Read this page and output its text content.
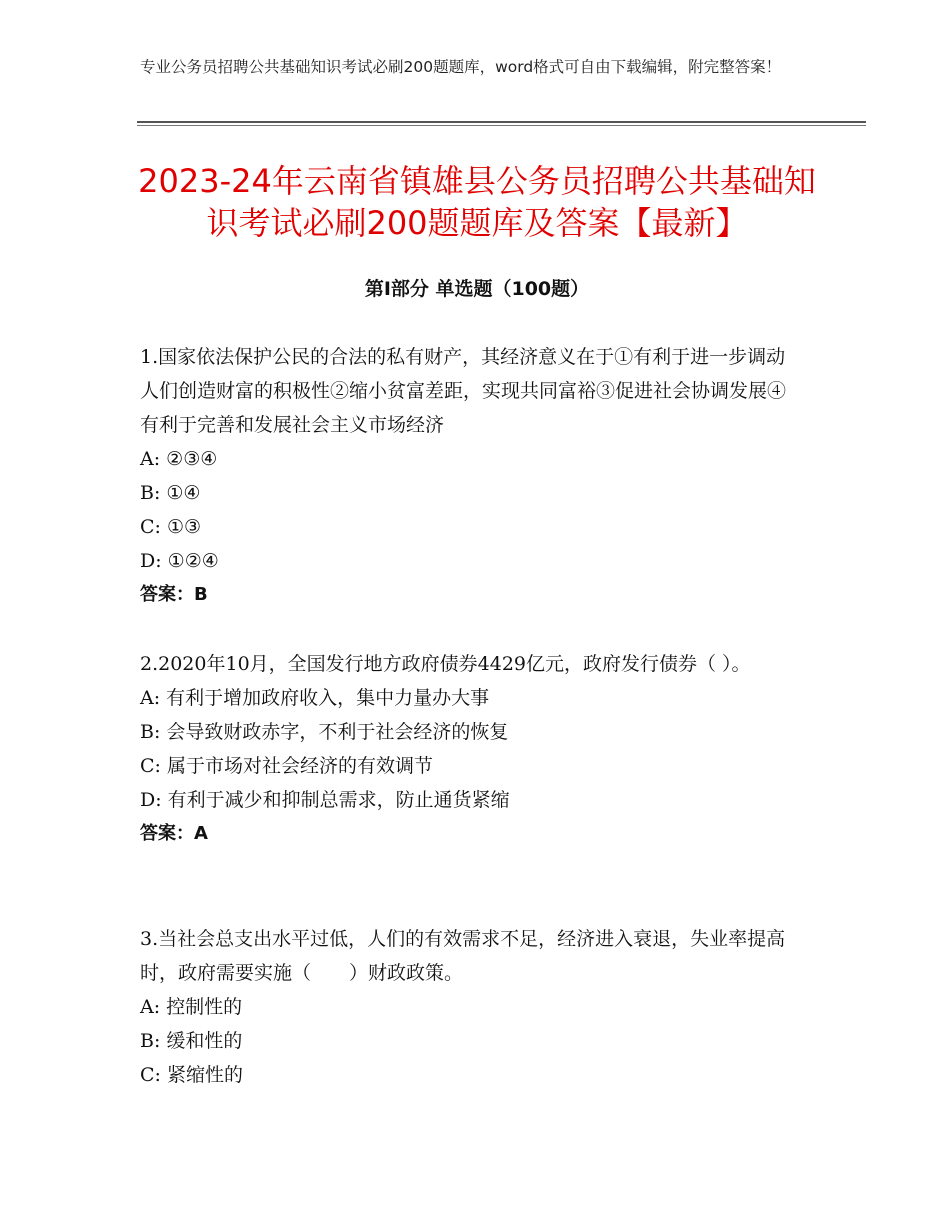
专业公务员招聘公共基础知识考试必刷200题题库，word格式可自由下载编辑，附完整答案！
2023-24年云南省镇雄县公务员招聘公共基础知识考试必刷200题题库及答案【最新】
第Ⅰ部分 单选题（100题）

1.国家依法保护公民的合法的私有财产，其经济意义在于①有利于进一步调动人们创造财富的积极性②缩小贫富差距，实现共同富裕③促进社会协调发展④有利于完善和发展社会主义市场经济

A: ②③④
B: ①④
C: ①③
D: ①②④
答案：B

2.2020年10月，全国发行地方政府债券4429亿元，政府发行债券（ ）。

A: 有利于增加政府收入，集中力量办大事
B: 会导致财政赤字，不利于社会经济的恢复
C: 属于市场对社会经济的有效调节
D: 有利于减少和抑制总需求，防止通货紧缩
答案：A

3.当社会总支出水平过低，人们的有效需求不足，经济进入衰退，失业率提高时，政府需要实施（　　）财政政策。

A: 控制性的
B: 缓和性的
C: 紧缩性的
